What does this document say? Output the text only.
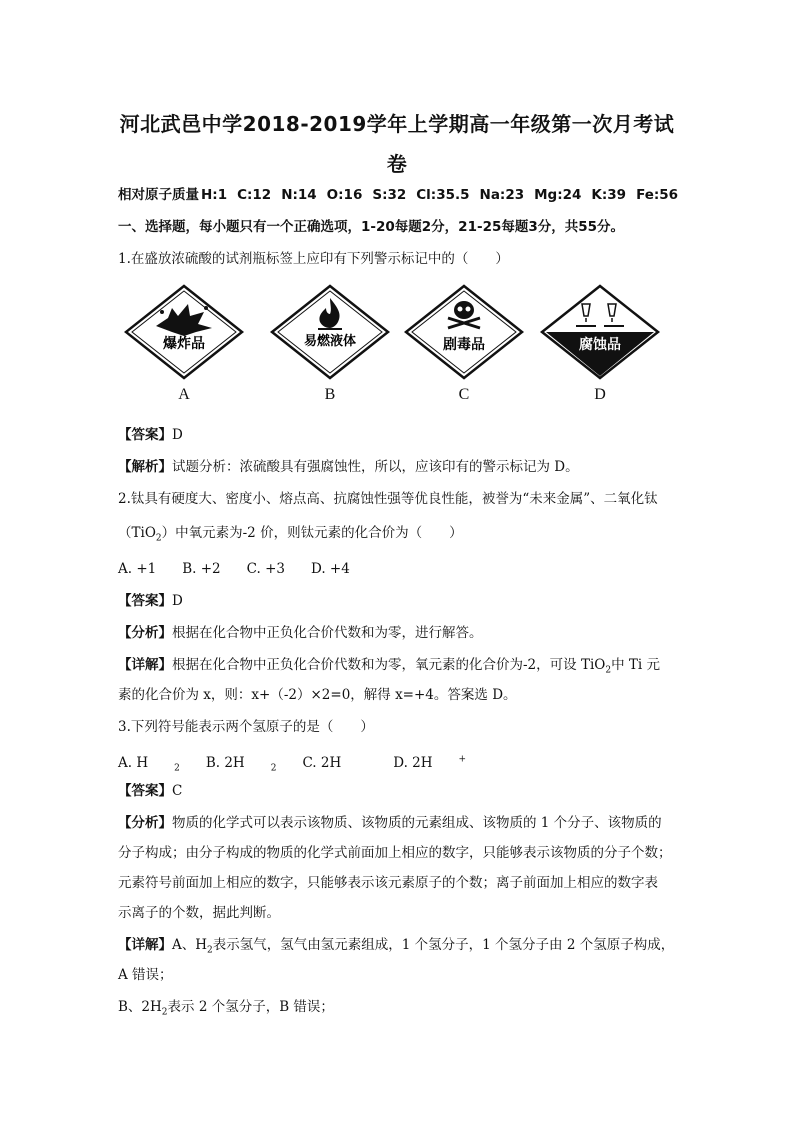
河北武邑中学2018-2019学年上学期高一年级第一次月考试
卷
相对原子质量 H:1 C:12 N:14 O:16 S:32 Cl:35.5 Na:23 Mg:24 K:39 Fe:56
一、选择题，每小题只有一个正确选项，1-20每题2分，21-25每题3分，共55分。
1.在盛放浓硫酸的试剂瓶标签上应印有下列警示标记中的（　　）
爆炸品
A
易燃液体
B
剧毒品
C
腐蚀品
D
【答案】D
【解析】试题分析：浓硫酸具有强腐蚀性，所以，应该印有的警示标记为 D。
2.钛具有硬度大、密度小、熔点高、抗腐蚀性强等优良性能，被誉为“未来金属”、二氧化钛
（TiO$_2$）中氧元素为-2 价，则钛元素的化合价为（　　）
A. +1 B. +2 C. +3 D. +4
【答案】D
【分析】根据在化合物中正负化合价代数和为零，进行解答。
【详解】根据在化合物中正负化合价代数和为零，氧元素的化合价为-2，可设 TiO$_2$中 Ti 元
素的化合价为 x，则：x+（-2）×2=0，解得 x=+4。答案选 D。
3.下列符号能表示两个氢原子的是（　　）
A. H	$_2$ B. 2H	$_2$ C. 2H	D. 2H	+
【答案】C
【分析】物质的化学式可以表示该物质、该物质的元素组成、该物质的 1 个分子、该物质的
分子构成；由分子构成的物质的化学式前面加上相应的数字，只能够表示该物质的分子个数；
元素符号前面加上相应的数字，只能够表示该元素原子的个数；离子前面加上相应的数字表
示离子的个数，据此判断。
【详解】A、$H_2$表示氢气，氢气由氢元素组成，1 个氢分子，1 个氢分子由 2 个氢原子构成，
A 错误；
B、$2H_2$表示 2 个氢分子，B 错误；
